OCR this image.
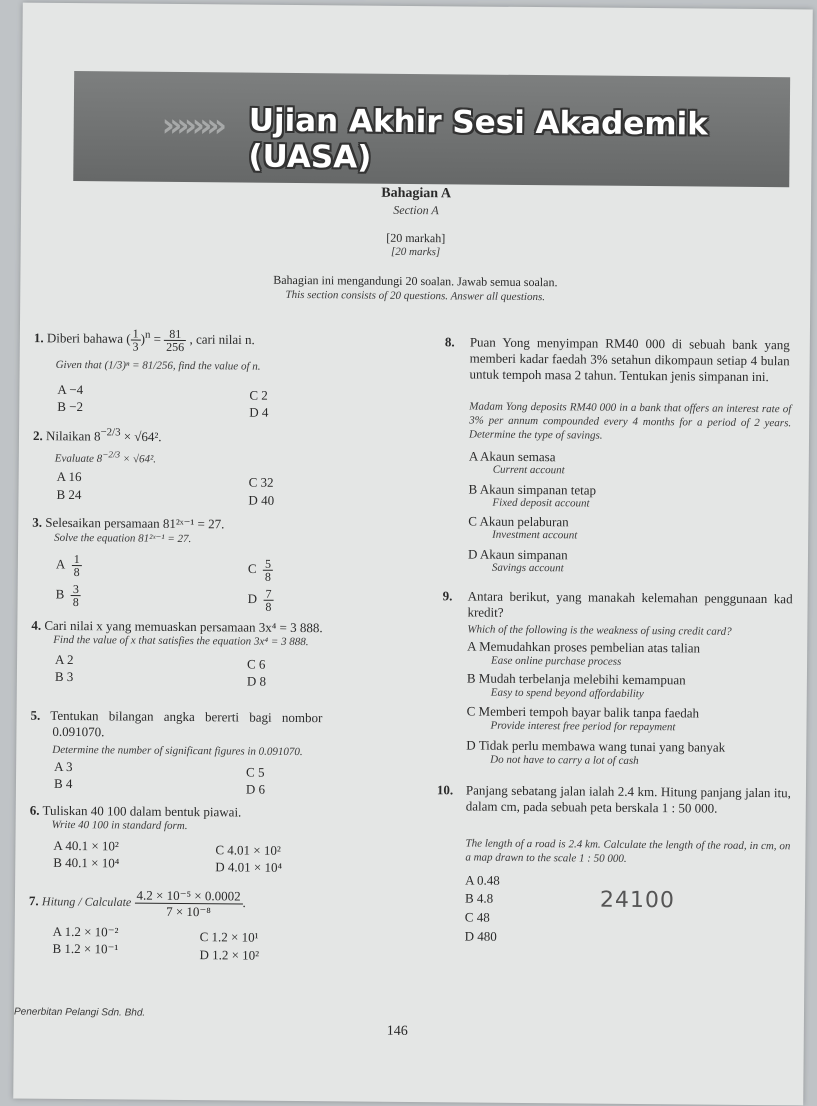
»» »» Ujian Akhir Sesi Akademik (UASA)
Bahagian A
Section A
[20 markah]
[20 marks]
Bahagian ini mengandungi 20 soalan. Jawab semua soalan.
This section consists of 20 questions. Answer all questions.
1. Diberi bahawa ( $\frac{1}{3} )^n = \frac{81}{256}$ , cari nilai n.
Given that (1/3)ⁿ = 81/256, find the value of n.
A −4
B −2
C 2
D 4
2. Nilaikan $8^{-2/3} \times √64^2$.
Evaluate $8^{-2/3} \times √64^2$.
A 16
B 24
C 32
D 40
3. Selesaikan persamaan 81²ˣ⁻¹ = 27.
Solve the equation 81²ˣ⁻¹ = 27.
A $\frac{1}{8}$
B $\frac{3}{8}$
C $\frac{5}{8}$
D $\frac{7}{8}$
4. Cari nilai x yang memuaskan persamaan 3x⁴ = 3 888.
Find the value of x that satisfies the equation 3x⁴ = 3 888.
A 2
B 3
C 6
D 8
5. Tentukan bilangan angka bererti bagi nombor
0.091070.
Determine the number of significant figures in 0.091070.
A 3
B 4
C 5
D 6
6. Tuliskan 40 100 dalam bentuk piawai.
Write 40 100 in standard form.
A 40.1 × 10²
B 40.1 × 10⁴
C 4.01 × 10²
D 4.01 × 10⁴
7. Hitung / Calculate $\frac{\text{4.2 × 10⁻⁵ × 0.0002}}{\text{7 × 10⁻⁸}}$ .
A 1.2 × 10⁻²
B 1.2 × 10⁻¹
C 1.2 × 10¹
D 1.2 × 10²
8. Puan Yong menyimpan RM40 000 di sebuah bank yang memberi kadar faedah 3% setahun dikompaun setiap 4 bulan untuk tempoh masa 2 tahun. Tentukan jenis simpanan ini.
Madam Yong deposits RM40 000 in a bank that offers an interest rate of 3% per annum compounded every 4 months for a period of 2 years. Determine the type of savings.
A Akaun semasa
Current account
B Akaun simpanan tetap
Fixed deposit account
C Akaun pelaburan
Investment account
D Akaun simpanan
Savings account
9. Antara berikut, yang manakah kelemahan penggunaan kad kredit?
Which of the following is the weakness of using credit card?
A Memudahkan proses pembelian atas talian
Ease online purchase process
B Mudah terbelanja melebihi kemampuan
Easy to spend beyond affordability
C Memberi tempoh bayar balik tanpa faedah
Provide interest free period for repayment
D Tidak perlu membawa wang tunai yang banyak
Do not have to carry a lot of cash
10. Panjang sebatang jalan ialah 2.4 km. Hitung panjang jalan itu, dalam cm, pada sebuah peta berskala 1 : 50 000.
The length of a road is 2.4 km. Calculate the length of the road, in cm, on a map drawn to the scale 1 : 50 000.
A 0.48
B 4.8
C 48
D 480
24100
Penerbitan Pelangi Sdn. Bhd.
146
